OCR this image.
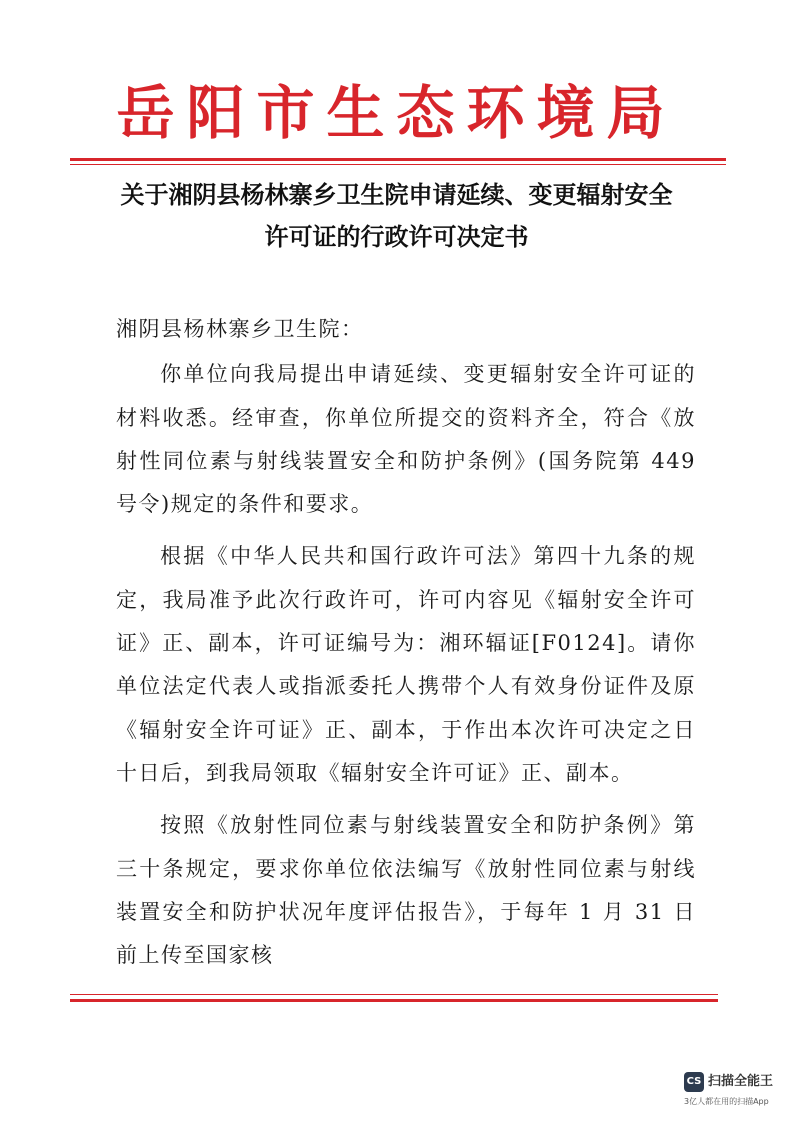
岳阳市生态环境局
关于湘阴县杨林寨乡卫生院申请延续、变更辐射安全
许可证的行政许可决定书

湘阴县杨林寨乡卫生院：

你单位向我局提出申请延续、变更辐射安全许可证的材料收悉。经审查，你单位所提交的资料齐全，符合《放射性同位素与射线装置安全和防护条例》(国务院第 449 号令)规定的条件和要求。

根据《中华人民共和国行政许可法》第四十九条的规定，我局准予此次行政许可，许可内容见《辐射安全许可证》正、副本，许可证编号为：湘环辐证[F0124]。请你单位法定代表人或指派委托人携带个人有效身份证件及原《辐射安全许可证》正、副本，于作出本次许可决定之日十日后，到我局领取《辐射安全许可证》正、副本。

按照《放射性同位素与射线装置安全和防护条例》第三十条规定，要求你单位依法编写《放射性同位素与射线装置安全和防护状况年度评估报告》，于每年 1 月 31 日前上传至国家核

CS 扫描全能王
3亿人都在用的扫描App
